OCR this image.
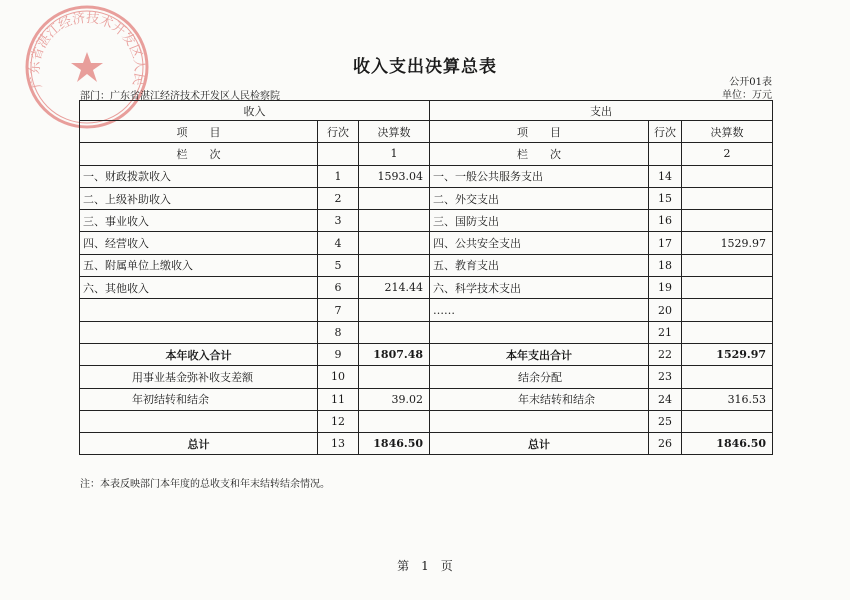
广东省湛江经济技术开发区人民
收入支出决算总表
公开01表
部门：广东省湛江经济技术开发区人民检察院	单位：万元
收入			支出		
项　　目	行次	决算数	项　　目	行次	决算数
栏　　次		1	栏　　次		2
一、财政拨款收入	1	1593.04	一、一般公共服务支出	14	
二、上级补助收入	2		二、外交支出	15	
三、事业收入	3		三、国防支出	16	
四、经营收入	4		四、公共安全支出	17	1529.97
五、附属单位上缴收入	5		五、教育支出	18	
六、其他收入	6	214.44	六、科学技术支出	19	
	7		……	20	
	8			21	
本年收入合计	9	1807.48	本年支出合计	22	1529.97
用事业基金弥补收支差额	10		结余分配	23	
年初结转和结余	11	39.02	年末结转和结余	24	316.53
	12			25	
总计	13	1846.50	总计	26	1846.50
注：本表反映部门本年度的总收支和年末结转结余情况。
第　1　页
